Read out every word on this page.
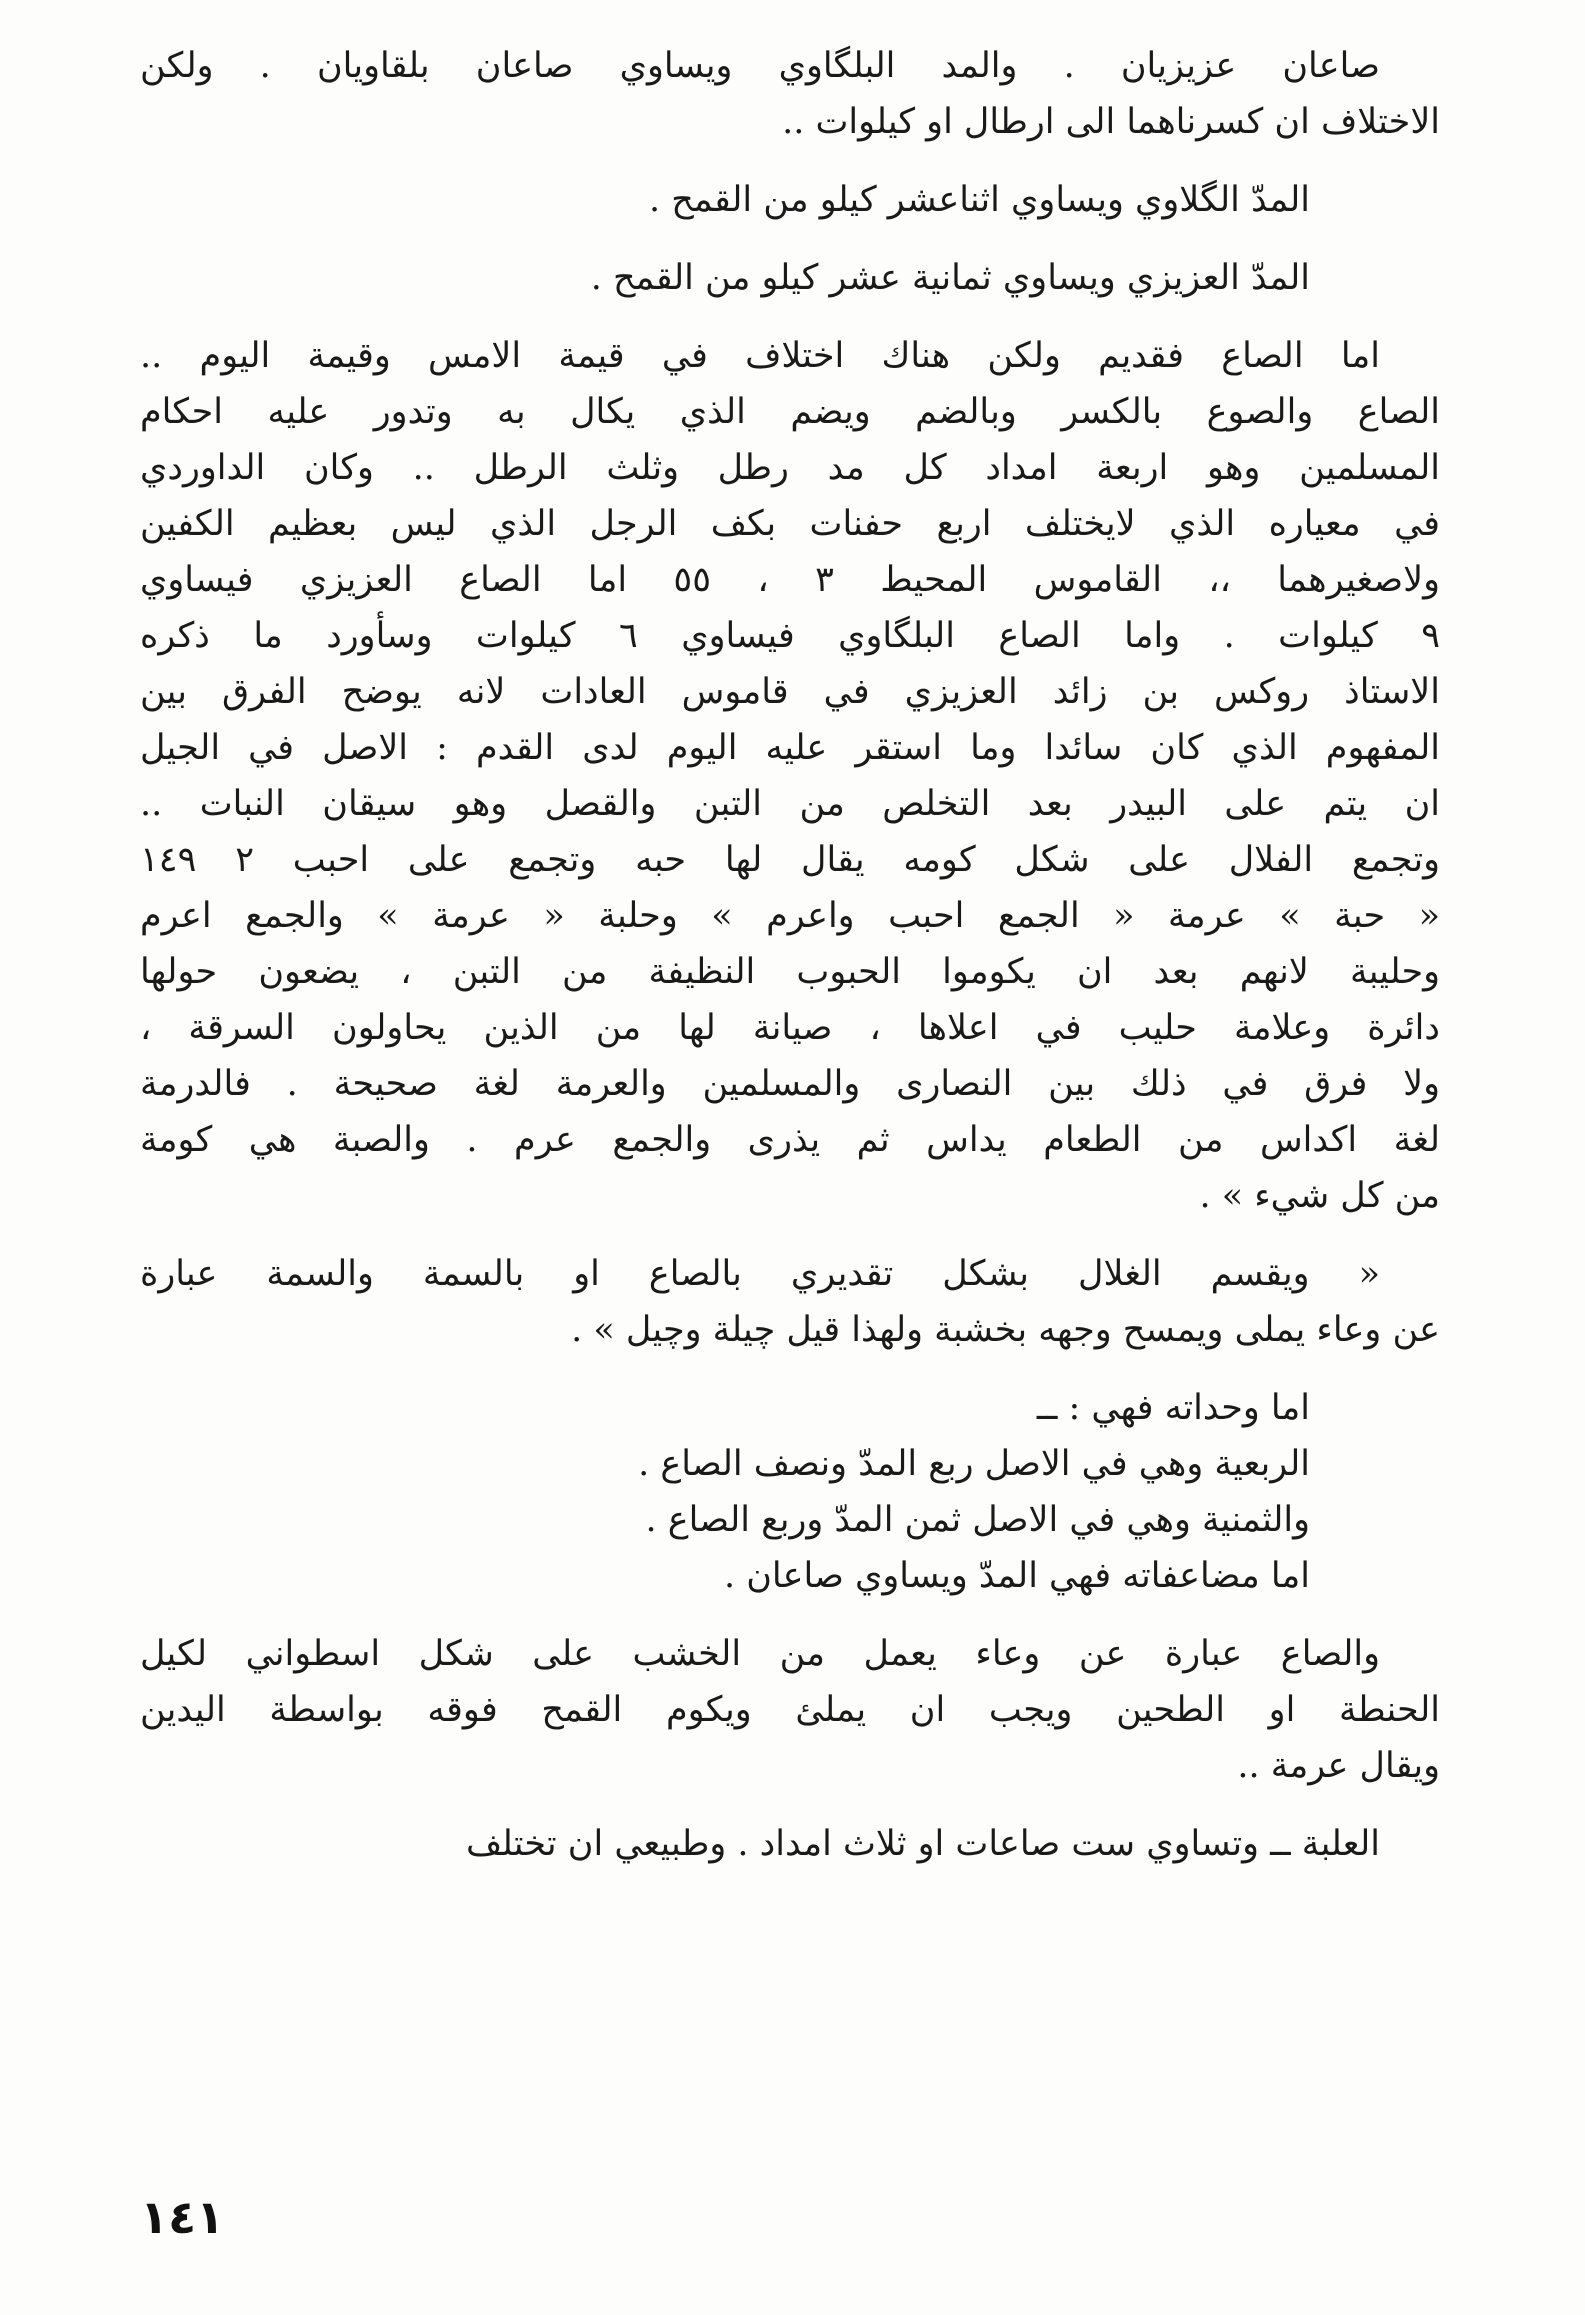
صاعان عزيزيان . والمد البلگاوي ويساوي صاعان بلقاويان . ولكن
الاختلاف ان كسرناهما الى ارطال او كيلوات ..
المدّ الگلاوي ويساوي اثناعشر كيلو من القمح .
المدّ العزيزي ويساوي ثمانية عشر كيلو من القمح .
اما الصاع فقديم ولكن هناك اختلاف في قيمة الامس وقيمة اليوم ..
الصاع والصوع بالكسر وبالضم ويضم الذي يكال به وتدور عليه احكام
المسلمين وهو اربعة امداد كل مد رطل وثلث الرطل .. وكان الداوردي
في معياره الذي لايختلف اربع حفنات بكف الرجل الذي ليس بعظيم الكفين
ولاصغيرهما ،، القاموس المحيط ٣ ، ٥٥ اما الصاع العزيزي فيساوي
٩ كيلوات . واما الصاع البلگاوي فيساوي ٦ كيلوات وسأورد ما ذكره
الاستاذ روكس بن زائد العزيزي في قاموس العادات لانه يوضح الفرق بين
المفهوم الذي كان سائدا وما استقر عليه اليوم لدى القدم : الاصل في الجيل
ان يتم على البيدر بعد التخلص من التبن والقصل وهو سيقان النبات ..
وتجمع الفلال على شكل كومه يقال لها حبه وتجمع على احبب ٢ ١٤٩
« حبة » عرمة « الجمع احبب واعرم » وحلبة « عرمة » والجمع اعرم
وحليبة لانهم بعد ان يكوموا الحبوب النظيفة من التبن ، يضعون حولها
دائرة وعلامة حليب في اعلاها ، صيانة لها من الذين يحاولون السرقة ،
ولا فرق في ذلك بين النصارى والمسلمين والعرمة لغة صحيحة . فالدرمة
لغة اكداس من الطعام يداس ثم يذرى والجمع عرم . والصبة هي كومة
من كل شيء » .
« ويقسم الغلال بشكل تقديري بالصاع او بالسمة والسمة عبارة
عن وعاء يملى ويمسح وجهه بخشبة ولهذا قيل چيلة وچيل » .
اما وحداته فهي : ــ
الربعية وهي في الاصل ربع المدّ ونصف الصاع .
والثمنية وهي في الاصل ثمن المدّ وربع الصاع .
اما مضاعفاته فهي المدّ ويساوي صاعان .
والصاع عبارة عن وعاء يعمل من الخشب على شكل اسطواني لكيل
الحنطة او الطحين ويجب ان يملئ ويكوم القمح فوقه بواسطة اليدين
ويقال عرمة ..
العلبة ــ وتساوي ست صاعات او ثلاث امداد . وطبيعي ان تختلف
١٤١
